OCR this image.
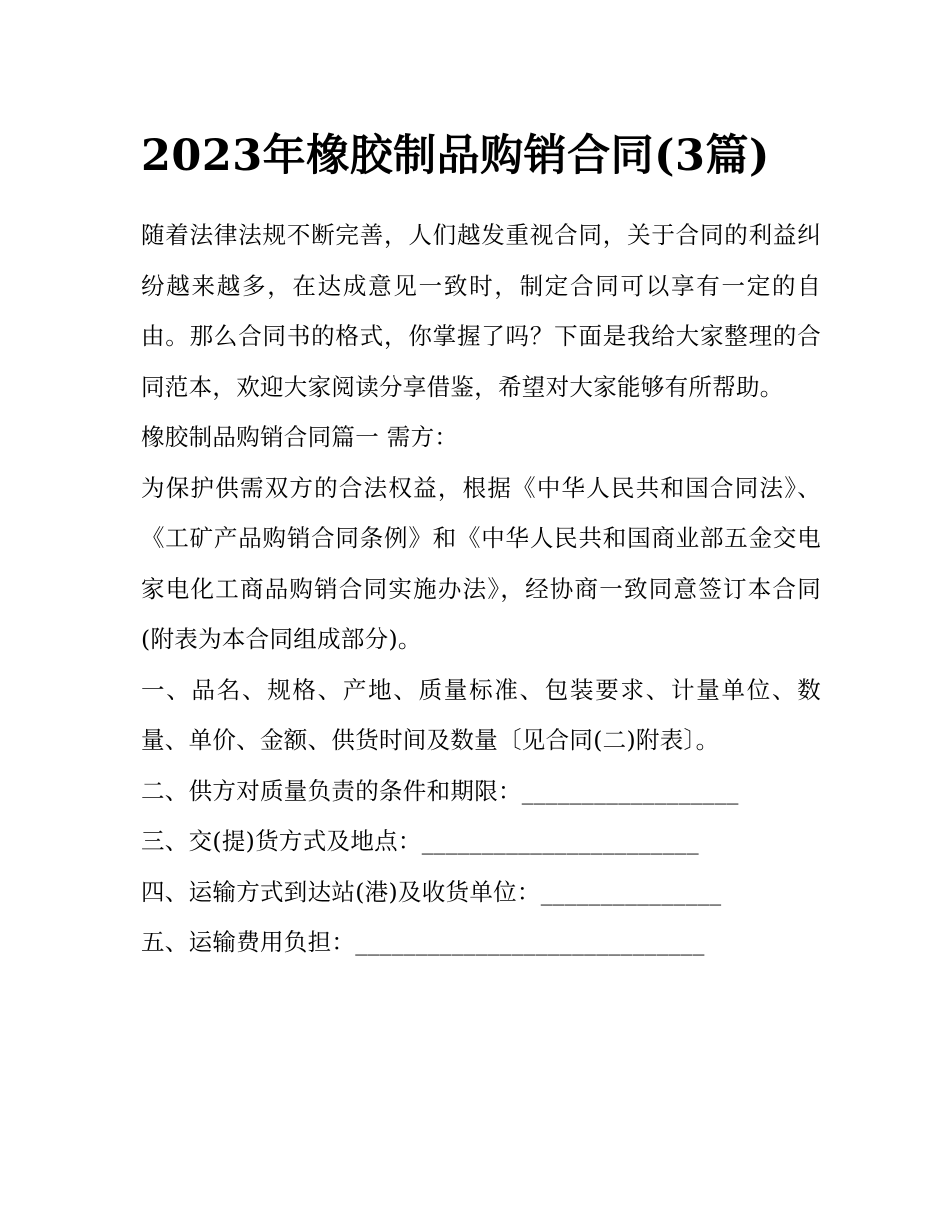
2023年橡胶制品购销合同(3篇)

随着法律法规不断完善，人们越发重视合同，关于合同的利益纠纷越来越多，在达成意见一致时，制定合同可以享有一定的自由。那么合同书的格式，你掌握了吗？下面是我给大家整理的合同范本，欢迎大家阅读分享借鉴，希望对大家能够有所帮助。

橡胶制品购销合同篇一 需方：

为保护供需双方的合法权益，根据《中华人民共和国合同法》、《工矿产品购销合同条例》和《中华人民共和国商业部五金交电家电化工商品购销合同实施办法》，经协商一致同意签订本合同(附表为本合同组成部分)。

一、品名、规格、产地、质量标准、包装要求、计量单位、数量、单价、金额、供货时间及数量〔见合同(二)附表〕。

二、供方对质量负责的条件和期限：__________________

三、交(提)货方式及地点：_______________________

四、运输方式到达站(港)及收货单位：_______________

五、运输费用负担：_____________________________
